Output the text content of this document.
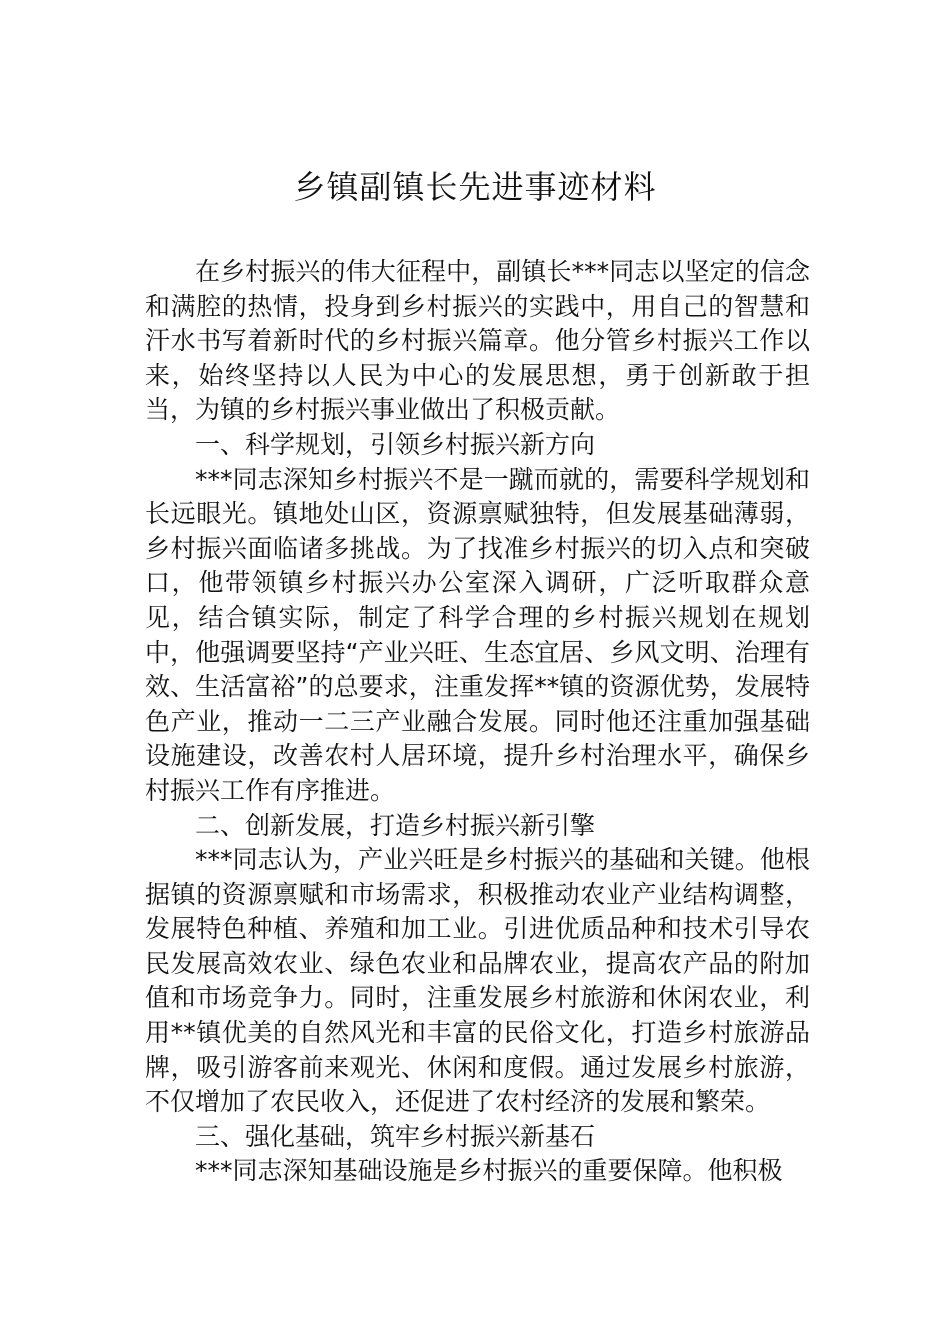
乡镇副镇长先进事迹材料

在乡村振兴的伟大征程中，副镇长***同志以坚定的信念和满腔的热情，投身到乡村振兴的实践中，用自己的智慧和汗水书写着新时代的乡村振兴篇章。他分管乡村振兴工作以来，始终坚持以人民为中心的发展思想，勇于创新敢于担当，为镇的乡村振兴事业做出了积极贡献。

一、科学规划，引领乡村振兴新方向

***同志深知乡村振兴不是一蹴而就的，需要科学规划和长远眼光。镇地处山区，资源禀赋独特，但发展基础薄弱，乡村振兴面临诸多挑战。为了找准乡村振兴的切入点和突破口，他带领镇乡村振兴办公室深入调研，广泛听取群众意见，结合镇实际，制定了科学合理的乡村振兴规划在规划中，他强调要坚持“产业兴旺、生态宜居、乡风文明、治理有效、生活富裕”的总要求，注重发挥**镇的资源优势，发展特色产业，推动一二三产业融合发展。同时他还注重加强基础设施建设，改善农村人居环境，提升乡村治理水平，确保乡村振兴工作有序推进。

二、创新发展，打造乡村振兴新引擎

***同志认为，产业兴旺是乡村振兴的基础和关键。他根据镇的资源禀赋和市场需求，积极推动农业产业结构调整，发展特色种植、养殖和加工业。引进优质品种和技术引导农民发展高效农业、绿色农业和品牌农业，提高农产品的附加值和市场竞争力。同时，注重发展乡村旅游和休闲农业，利用**镇优美的自然风光和丰富的民俗文化，打造乡村旅游品牌，吸引游客前来观光、休闲和度假。通过发展乡村旅游，不仅增加了农民收入，还促进了农村经济的发展和繁荣。

三、强化基础，筑牢乡村振兴新基石

***同志深知基础设施是乡村振兴的重要保障。他积极
